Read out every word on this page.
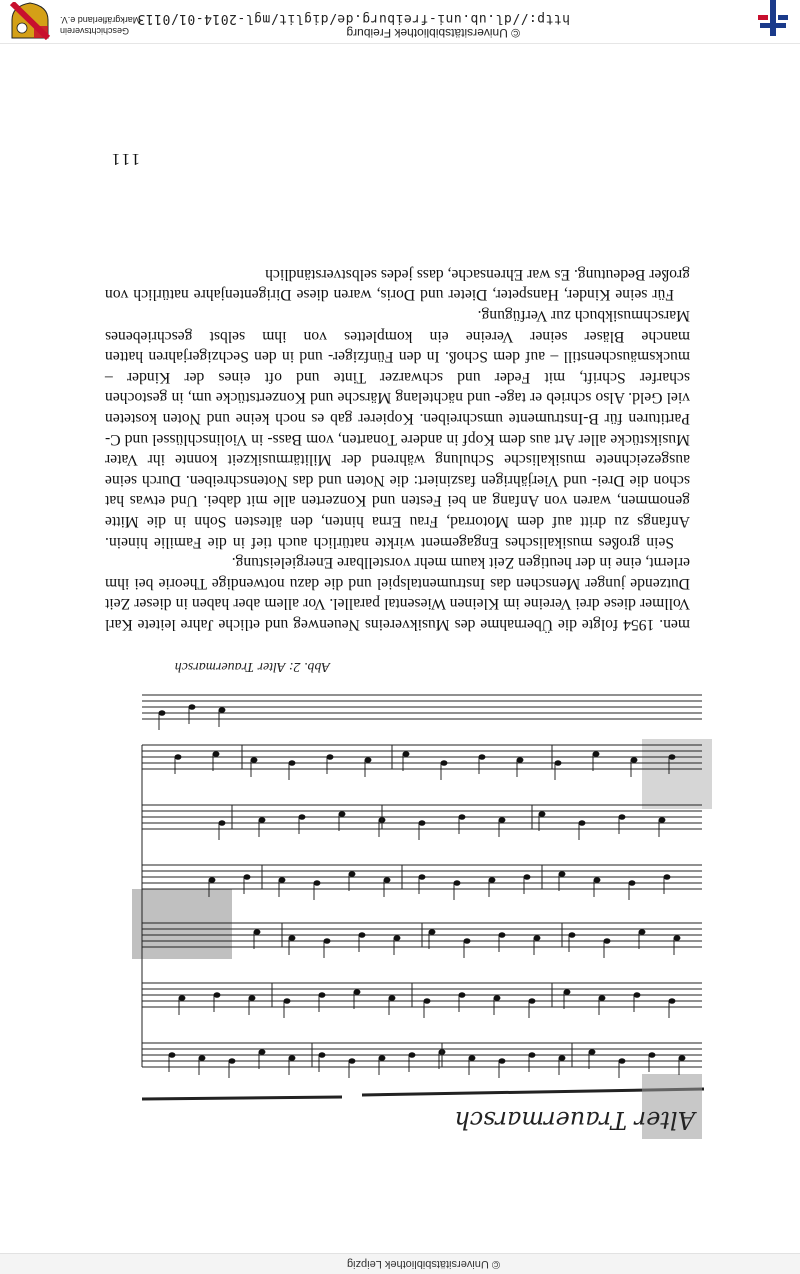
© Universitätsbibliothek Leipzig
Alter Trauermarsch
Abb. 2: Alter Trauermarsch

men. 1954 folgte die Übernahme des Musikvereins Neuenweg und etliche Jahre leitete Karl Vollmer diese drei Vereine im Kleinen Wiesental parallel. Vor allem aber haben in dieser Zeit Dutzende junger Menschen das Instrumentalspiel und die dazu notwendige Theorie bei ihm erlernt, eine in der heutigen Zeit kaum mehr vorstellbare Energieleistung.

Sein großes musikalisches Engagement wirkte natürlich auch tief in die Familie hinein. Anfangs zu dritt auf dem Motorrad, Frau Erna hinten, den ältesten Sohn in die Mitte genommen, waren von Anfang an bei Festen und Konzerten alle mit dabei. Und etwas hat schon die Drei- und Vierjährigen fasziniert: die Noten und das Notenschreiben. Durch seine ausgezeichnete musikalische Schulung während der Militärmusikzeit konnte ihr Vater Musikstücke aller Art aus dem Kopf in andere Tonarten, vom Bass- in Violinschlüssel und C-Partituren für B-Instrumente umschreiben. Kopierer gab es noch keine und Noten kosteten viel Geld. Also schrieb er tage- und nächtelang Märsche und Konzertstücke um, in gestochen scharfer Schrift, mit Feder und schwarzer Tinte und oft eines der Kinder – mucksmäuschenstill – auf dem Schoß. In den Fünfziger- und in den Sechzigerjahren hatten manche Bläser seiner Vereine ein komplettes von ihm selbst geschriebenes Marschmusikbuch zur Verfügung.

Für seine Kinder, Hanspeter, Dieter und Doris, waren diese Dirigentenjahre natürlich von großer Bedeutung. Es war Ehrensache, dass jedes selbstverständlich

111
http://dl.ub.uni-freiburg.de/diglit/mgl-2014-01/0113
© Universitätsbibliothek Freiburg
Geschichtsverein
Markgräflerland e.V.
